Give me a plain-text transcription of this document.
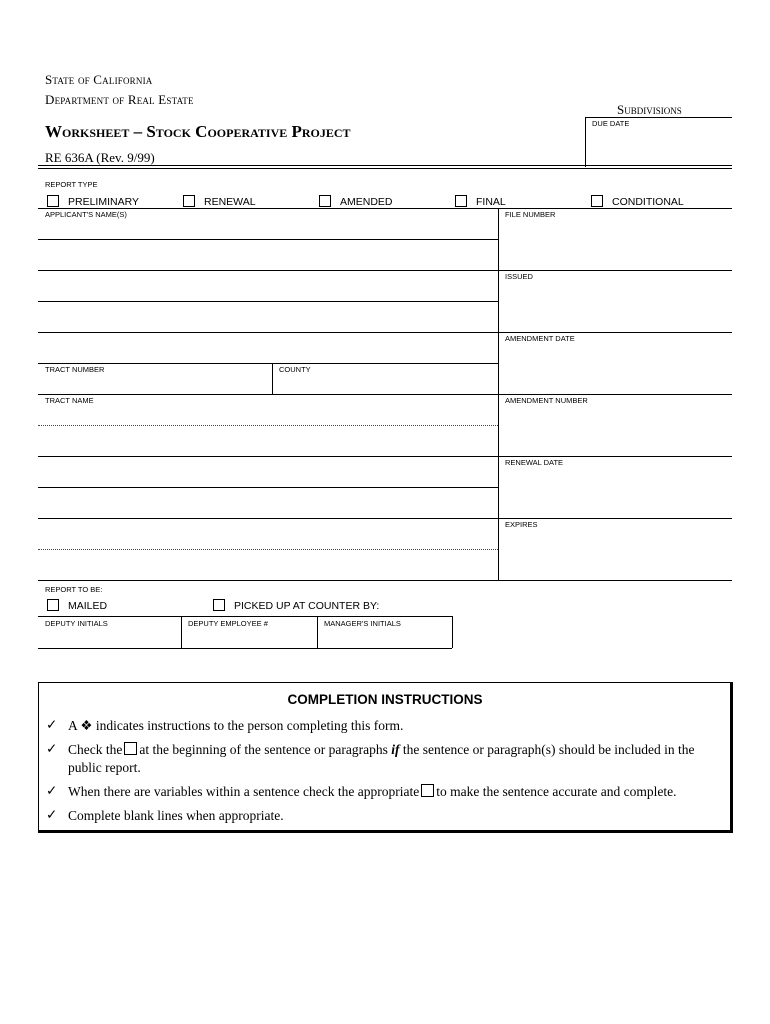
State of California
Department of Real Estate
Subdivisions
Worksheet – Stock Cooperative Project
RE 636A (Rev. 9/99)
DUE DATE
REPORT TYPE
PRELIMINARY	RENEWAL	AMENDED	FINAL	CONDITIONAL
APPLICANT'S NAME(S)
TRACT NUMBER	COUNTY
TRACT NAME
FILE NUMBER
ISSUED
AMENDMENT DATE
AMENDMENT NUMBER
RENEWAL DATE
EXPIRES
REPORT TO BE:
MAILED	PICKED UP AT COUNTER BY:
DEPUTY INITIALS	DEPUTY EMPLOYEE #	MANAGER'S INITIALS
COMPLETION INSTRUCTIONS
✓ A ❖ indicates instructions to the person completing this form.
✓ Check the at the beginning of the sentence or paragraphs if the sentence or paragraph(s) should be included in the
public report.
✓ When there are variables within a sentence check the appropriate to make the sentence accurate and complete.
✓ Complete blank lines when appropriate.
